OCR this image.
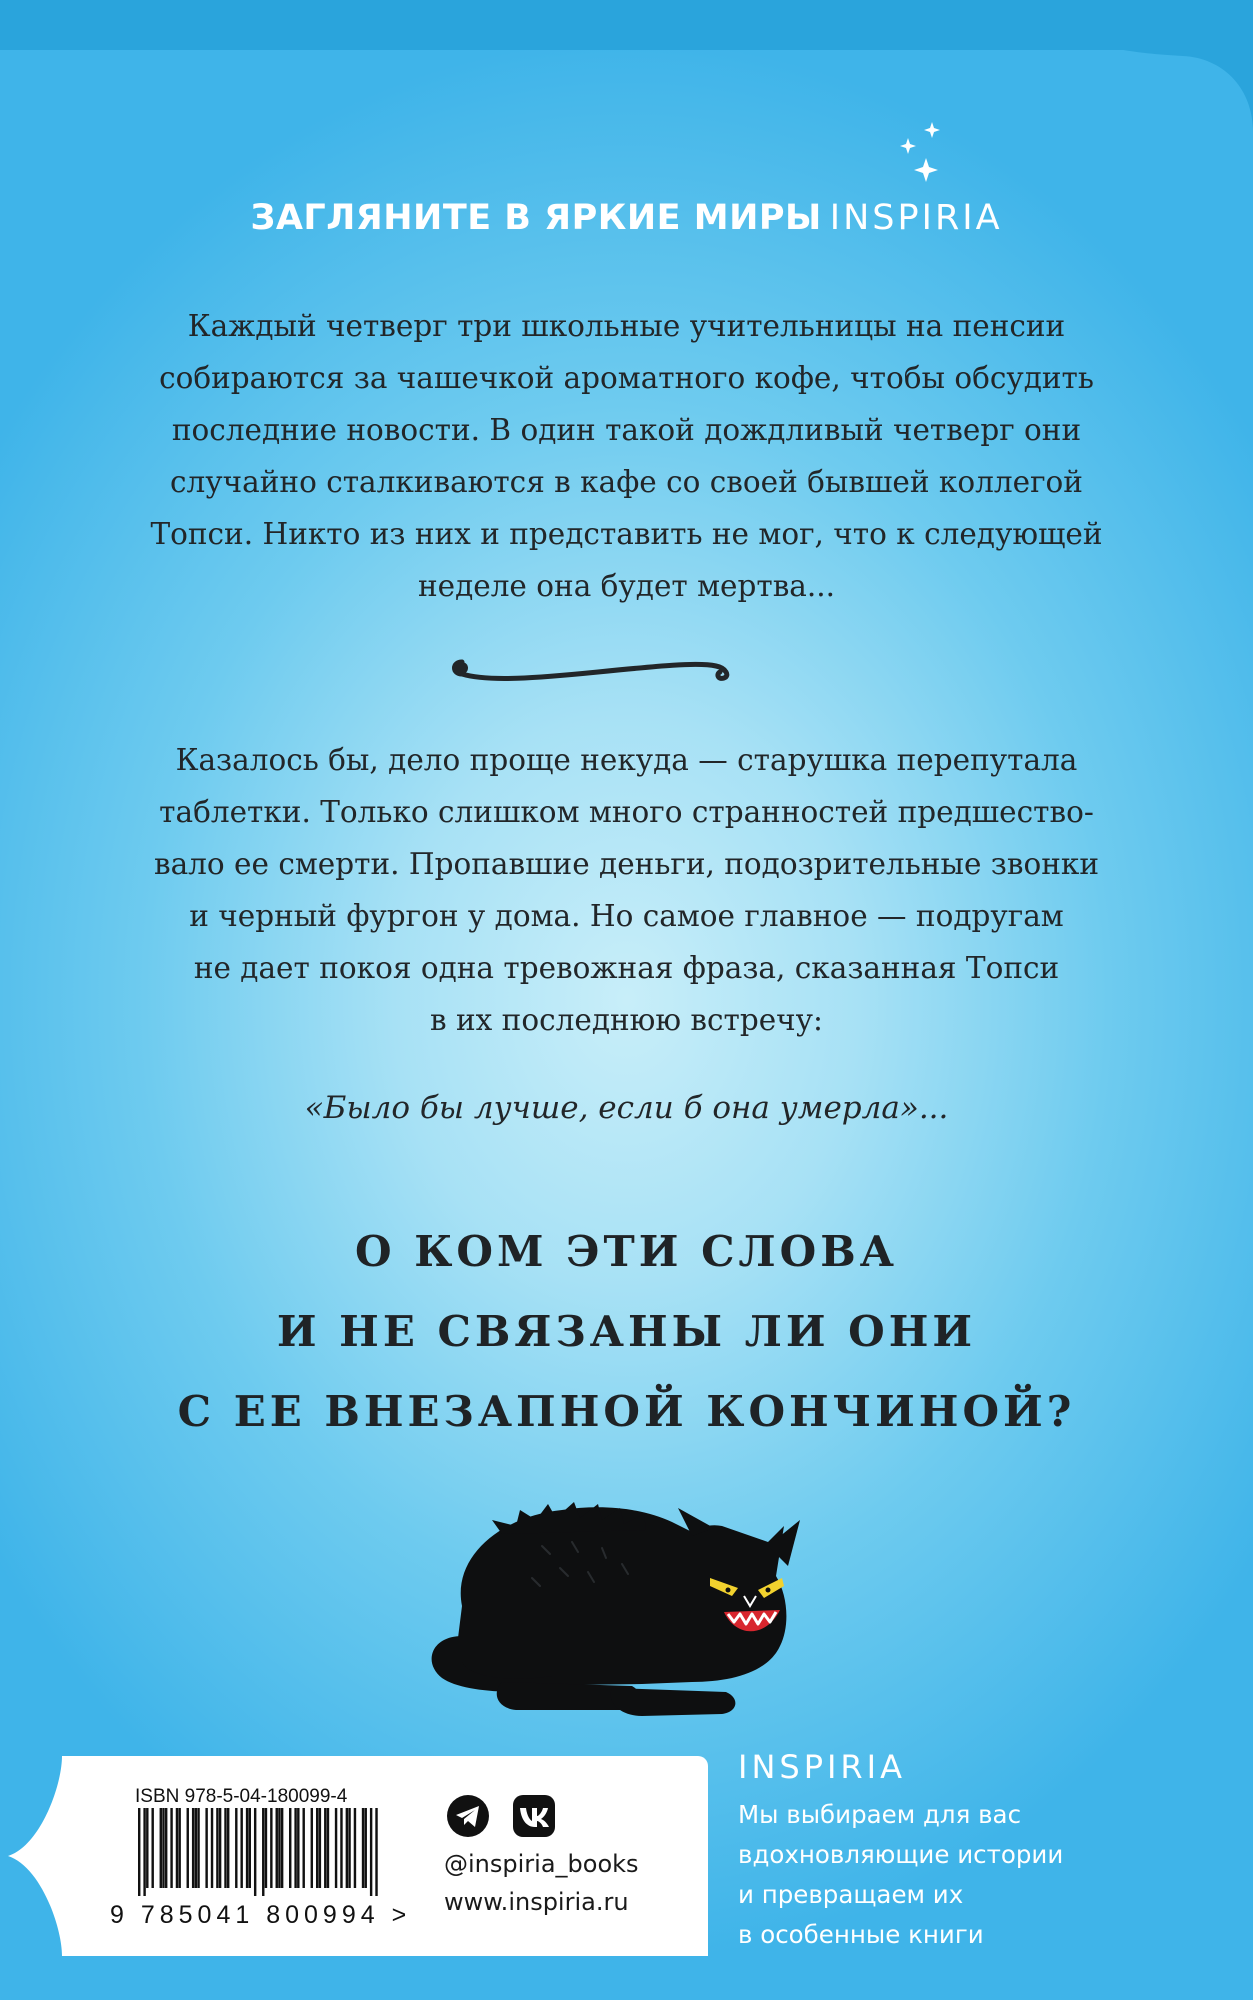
ЗАГЛЯНИТЕ В ЯРКИЕ МИРЫ INSPIRIA
Каждый четверг три школьные учительницы на пенсии
собираются за чашечкой ароматного кофе, чтобы обсудить
последние новости. В один такой дождливый четверг они
случайно сталкиваются в кафе со своей бывшей коллегой
Топси. Никто из них и представить не мог, что к следующей
неделе она будет мертва...
Казалось бы, дело проще некуда — старушка перепутала
таблетки. Только слишком много странностей предшество-
вало ее смерти. Пропавшие деньги, подозрительные звонки
и черный фургон у дома. Но самое главное — подругам
не дает покоя одна тревожная фраза, сказанная Топси
в их последнюю встречу:
«Было бы лучше, если б она умерла»...
О КОМ ЭТИ СЛОВА
И НЕ СВЯЗАНЫ ЛИ ОНИ
С ЕЕ ВНЕЗАПНОЙ КОНЧИНОЙ?
ISBN 978-5-04-180099-4
9 785041 800994 >
@inspiria_books
www.inspiria.ru
INSPIRIA
Мы выбираем для вас
вдохновляющие истории
и превращаем их
в особенные книги
